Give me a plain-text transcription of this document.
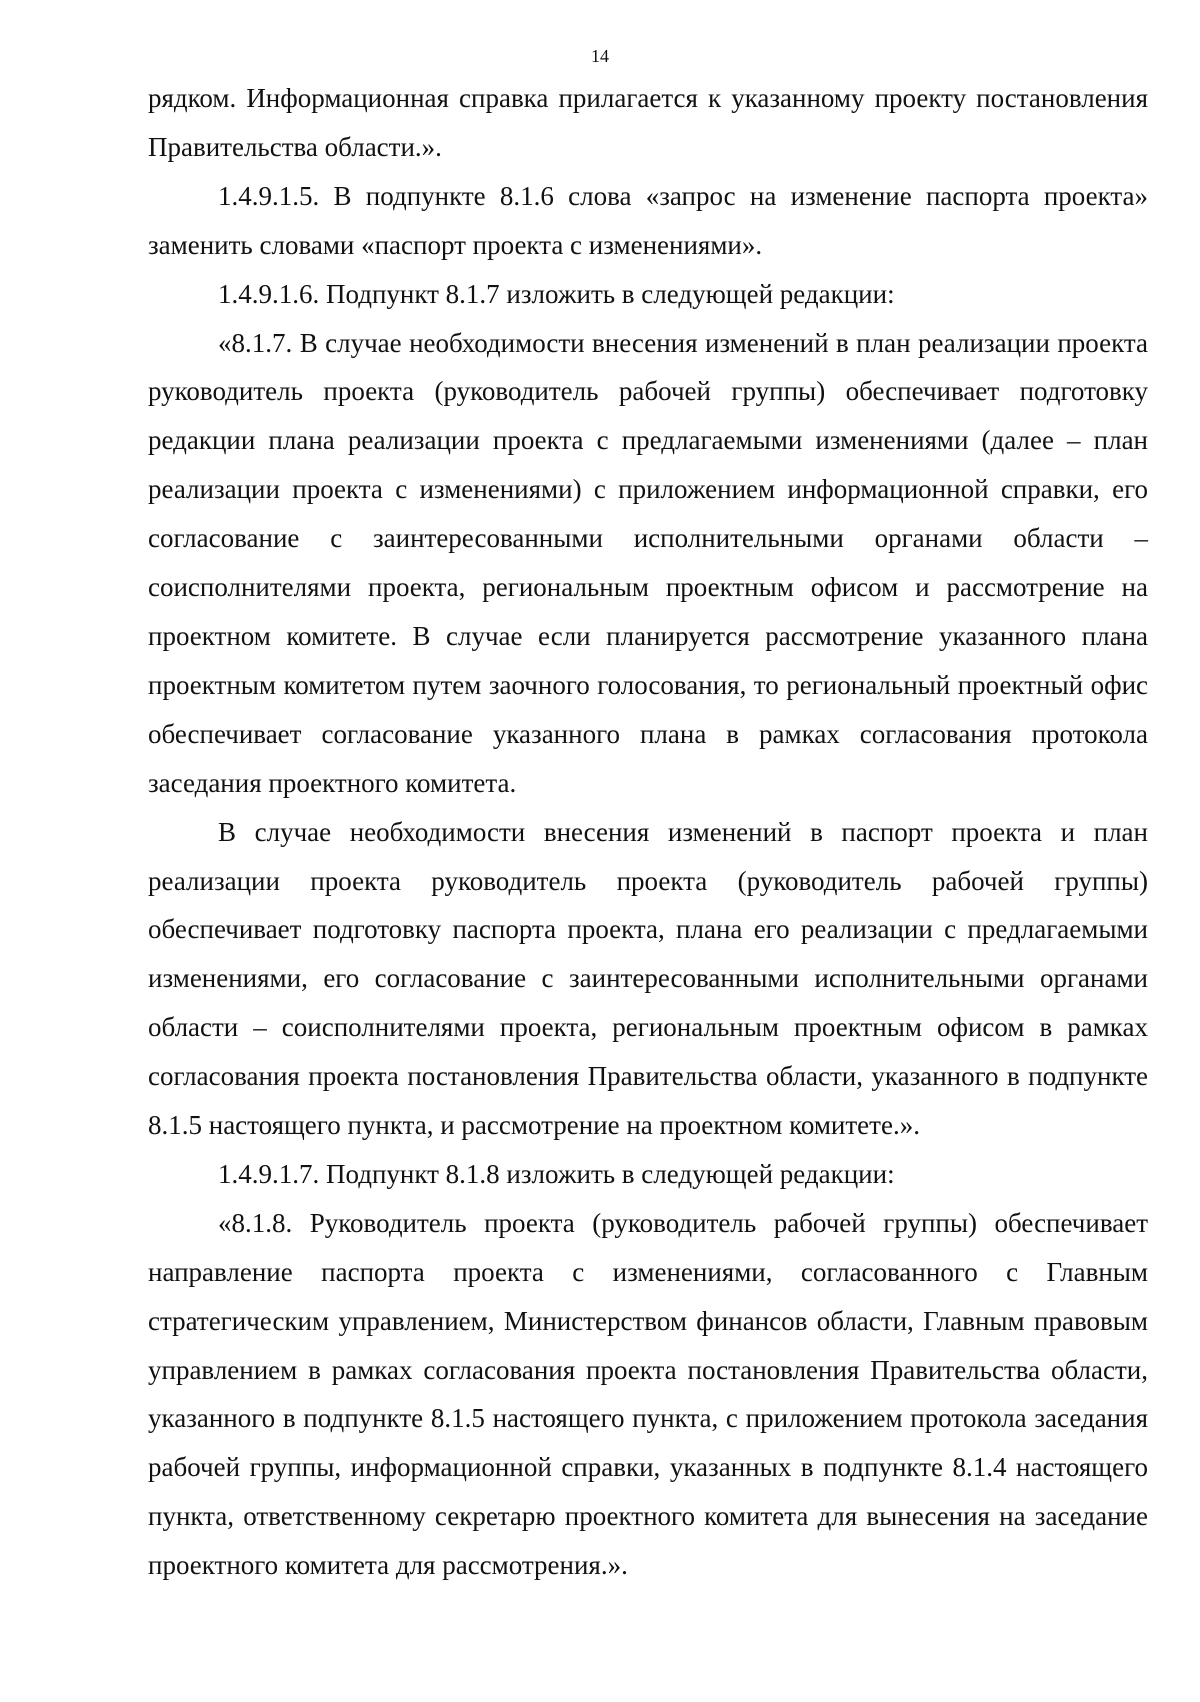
14

рядком. Информационная справка прилагается к указанному проекту постановления Правительства области.».

1.4.9.1.5. В подпункте 8.1.6 слова «запрос на изменение паспорта проекта» заменить словами «паспорт проекта с изменениями».

1.4.9.1.6. Подпункт 8.1.7 изложить в следующей редакции:

«8.1.7. В случае необходимости внесения изменений в план реализации проекта руководитель проекта (руководитель рабочей группы) обеспечивает подготовку редакции плана реализации проекта с предлагаемыми изменениями (далее – план реализации проекта с изменениями) с приложением информационной справки, его согласование с заинтересованными исполнительными органами области – соисполнителями проекта, региональным проектным офисом и рассмотрение на проектном комитете. В случае если планируется рассмотрение указанного плана проектным комитетом путем заочного голосования, то региональный проектный офис обеспечивает согласование указанного плана в рамках согласования протокола заседания проектного комитета.

В случае необходимости внесения изменений в паспорт проекта и план реализации проекта руководитель проекта (руководитель рабочей группы) обеспечивает подготовку паспорта проекта, плана его реализации с предлагаемыми изменениями, его согласование с заинтересованными исполнительными органами области – соисполнителями проекта, региональным проектным офисом в рамках согласования проекта постановления Правительства области, указанного в подпункте 8.1.5 настоящего пункта, и рассмотрение на проектном комитете.».

1.4.9.1.7. Подпункт 8.1.8 изложить в следующей редакции:

«8.1.8. Руководитель проекта (руководитель рабочей группы) обеспечивает направление паспорта проекта с изменениями, согласованного с Главным стратегическим управлением, Министерством финансов области, Главным правовым управлением в рамках согласования проекта постановления Правительства области, указанного в подпункте 8.1.5 настоящего пункта, с приложением протокола заседания рабочей группы, информационной справки, указанных в подпункте 8.1.4 настоящего пункта, ответственному секретарю проектного комитета для вынесения на заседание проектного комитета для рассмотрения.».
